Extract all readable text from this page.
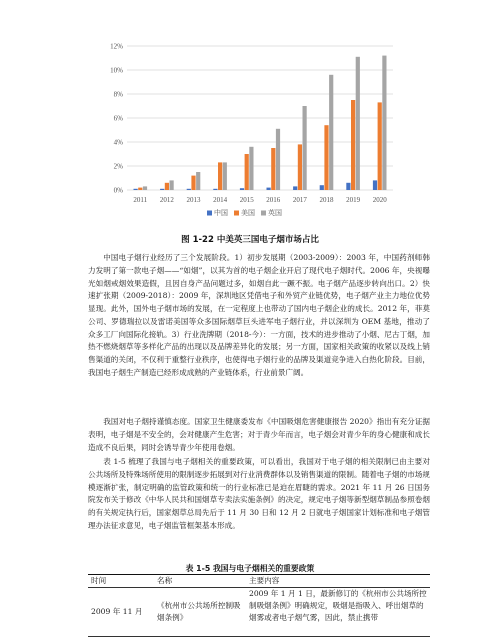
0%
2%
4%
6%
8%
10%
12%
2011 2012 2013 2014 2015 2016 2017 2018 2019 2020
中国 美国 英国
图 1-22 中美英三国电子烟市场占比

中国电子烟行业经历了三个发展阶段。1）初步发展期（2003-2009）：2003 年，中国药剂师韩力发明了第一款电子烟——“如烟”，以其为首的电子烟企业开启了现代电子烟时代。2006 年，央视曝光如烟戒烟效果造假，且因自身产品问题过多，如烟自此一蹶不振。电子烟产品逐步转向出口。2）快速扩张期（2009-2018）：2009 年，深圳地区凭借电子和外贸产业链优势，电子烟产业主力地位优势显现。此外，国外电子烟市场的发展，在一定程度上也带动了国内电子烟企业的成长。2012 年，菲莫公司、罗德瑞拉以及雷诺美国等众多国际烟草巨头进军电子烟行业，并以深圳为 OEM 基地，推动了众多工厂向国际化接轨。3）行业洗牌期（2018-今）：一方面，技术的进步推动了小烟、尼古丁烟，加热不燃烧烟草等多样化产品的出现以及品牌差异化的发展；另一方面，国家相关政策的收紧以及线上销售渠道的关闭，不仅利于重整行业秩序，也使得电子烟行业的品牌及渠道竞争进入白热化阶段。目前，我国电子烟生产制造已经形成成熟的产业链体系，行业前景广阔。

我国对电子烟持谨慎态度。国家卫生健康委发布《中国吸烟危害健康报告 2020》指出有充分证据表明，电子烟是不安全的，会对健康产生危害；对于青少年而言，电子烟会对青少年的身心健康和成长造成不良后果，同时会诱导青少年使用卷烟。

表 1-5 梳理了我国与电子烟相关的重要政策，可以看出，我国对于电子烟的相关限制已由主要对公共场所及特殊场所使用的限制逐步拓展到对行业消费群体以及销售渠道的限制。随着电子烟的市场规模逐渐扩张，制定明确的监管政策和统一的行业标准已是迫在眉睫的需求。2021 年 11 月 26 日国务院发布关于修改《中华人民共和国烟草专卖法实施条例》的决定，规定电子烟等新型烟草制品参照卷烟的有关规定执行后，国家烟草总局先后于 11 月 30 日和 12 月 2 日就电子烟国家计划标准和电子烟管理办法征求意见，电子烟监管框架基本形成。

表 1-5 我国与电子烟相关的重要政策
时间	名称	主要内容
2009 年 11 月	《杭州市公共场所控制吸烟条例》	2009 年 1 月 1 日，最新修订的《杭州市公共场所控制吸烟条例》明确规定，吸烟是指吸入、呼出烟草的烟雾或者电子烟气雾，因此，禁止携带
